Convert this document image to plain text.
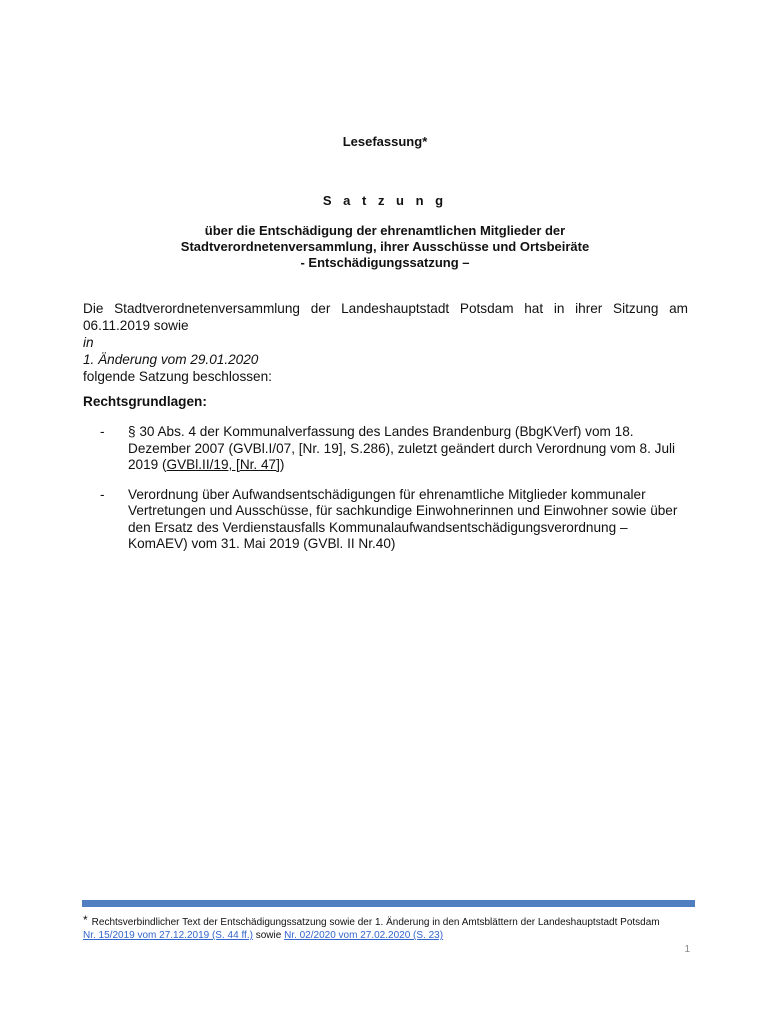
Lesefassung*
S a t z u n g
über die Entschädigung der ehrenamtlichen Mitglieder der
Stadtverordnetenversammlung, ihrer Ausschüsse und Ortsbeiräte
- Entschädigungssatzung –
Die Stadtverordnetenversammlung der Landeshauptstadt Potsdam hat in ihrer Sitzung am
06.11.2019 sowie
in
1. Änderung vom 29.01.2020
folgende Satzung beschlossen:
Rechtsgrundlagen:
- § 30 Abs. 4 der Kommunalverfassung des Landes Brandenburg (BbgKVerf) vom 18. Dezember 2007 (GVBl.I/07, [Nr. 19], S.286), zuletzt geändert durch Verordnung vom 8. Juli 2019 (GVBl.II/19, [Nr. 47])
- Verordnung über Aufwandsentschädigungen für ehrenamtliche Mitglieder kommunaler Vertretungen und Ausschüsse, für sachkundige Einwohnerinnen und Einwohner sowie über den Ersatz des Verdienstausfalls Kommunalaufwandsentschädigungsverordnung – KomAEV) vom 31. Mai 2019 (GVBl. II Nr.40)
* Rechtsverbindlicher Text der Entschädigungssatzung sowie der 1. Änderung in den Amtsblättern der Landeshauptstadt Potsdam
Nr. 15/2019 vom 27.12.2019 (S. 44 ff.) sowie Nr. 02/2020 vom 27.02.2020 (S. 23)
1
